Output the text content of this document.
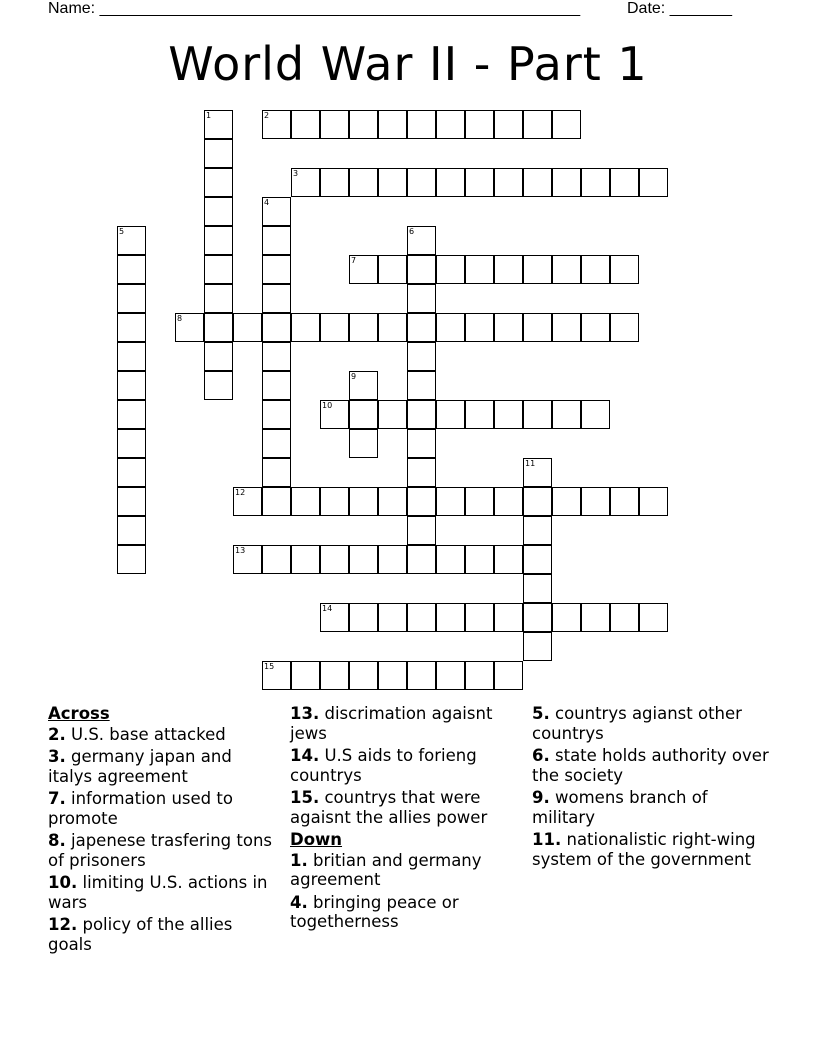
Name: ______________________________________________________	Date: _______
World War II - Part 1
1	2
3
4
5	6
7
8
9
10
11
12
13
14
15
Across
2. U.S. base attacked
3. germany japan and italys agreement
7. information used to promote
8. japenese trasfering tons of prisoners
10. limiting U.S. actions in wars
12. policy of the allies goals
13. discrimation agaisnt jews
14. U.S aids to forieng countrys
15. countrys that were agaisnt the allies power
Down
1. britian and germany agreement
4. bringing peace or togetherness
5. countrys agianst other countrys
6. state holds authority over the society
9. womens branch of military
11. nationalistic right-wing system of the government
